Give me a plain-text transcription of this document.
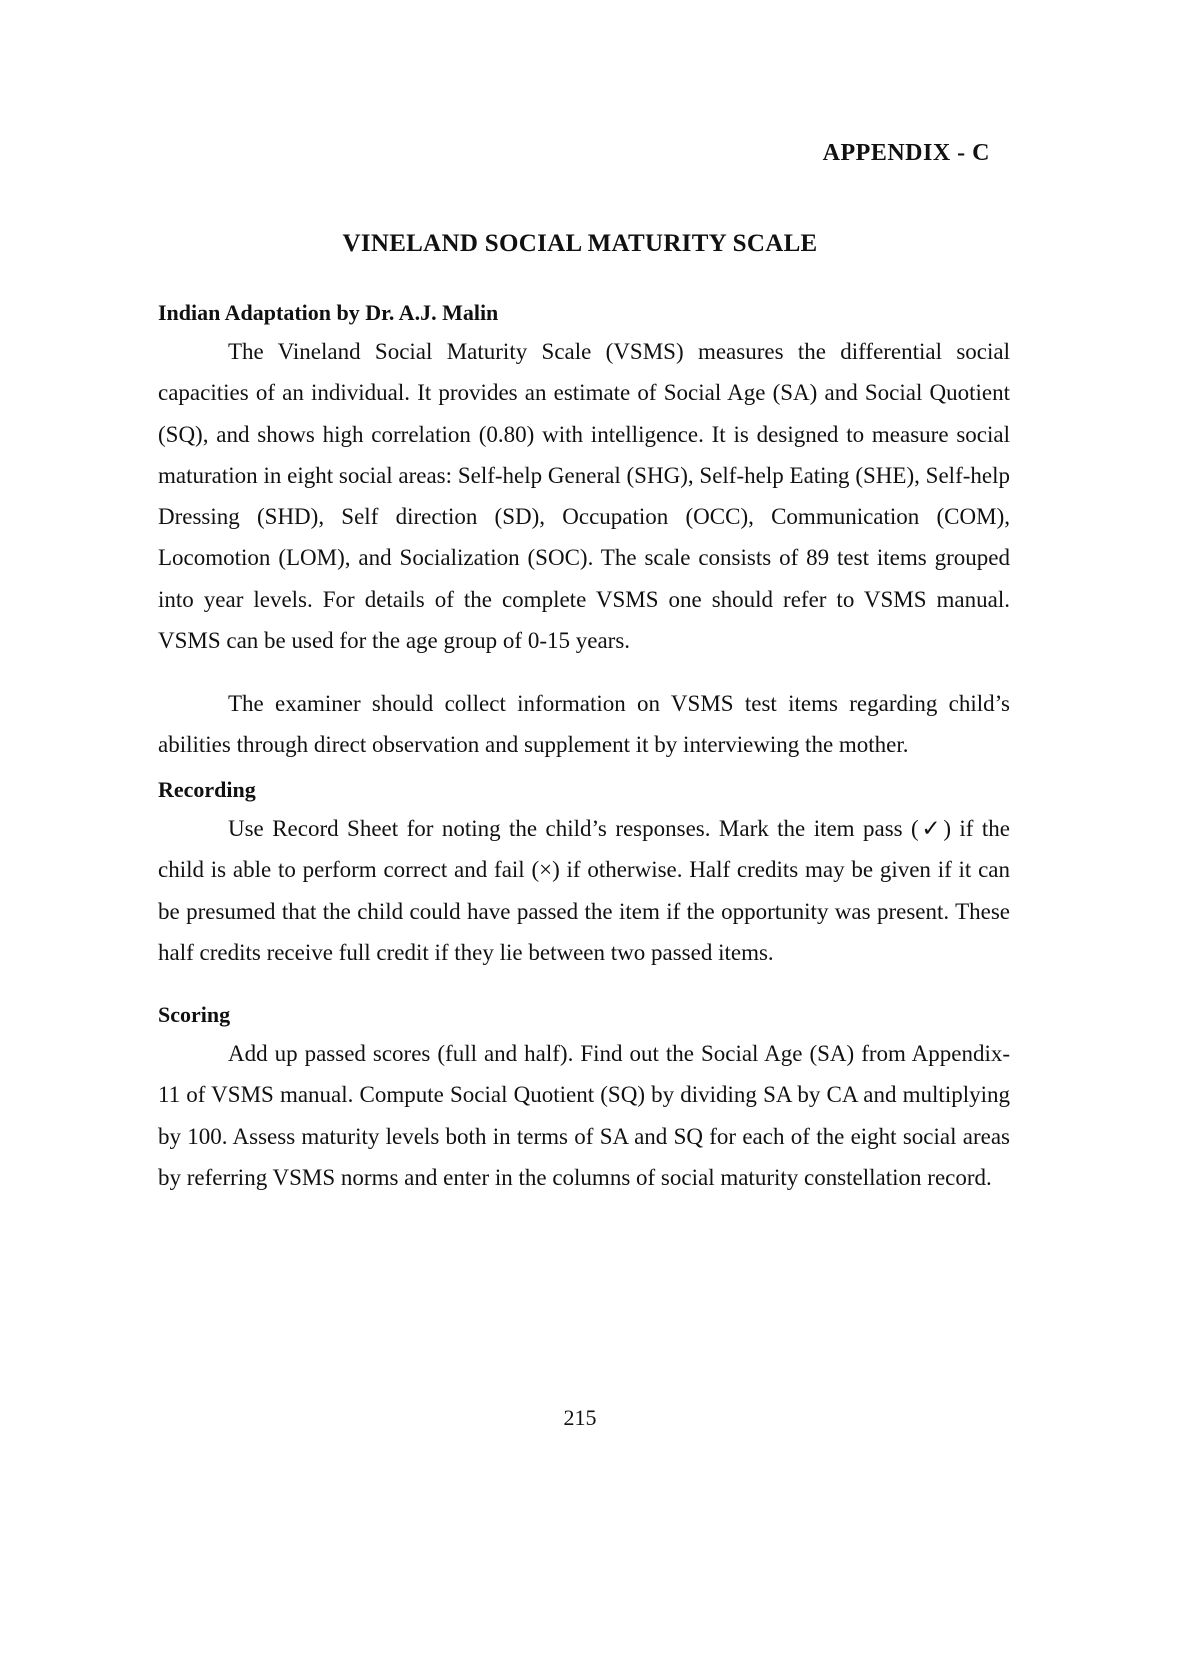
APPENDIX - C
VINELAND SOCIAL MATURITY SCALE

Indian Adaptation by Dr. A.J. Malin

The Vineland Social Maturity Scale (VSMS) measures the differential social capacities of an individual. It provides an estimate of Social Age (SA) and Social Quotient (SQ), and shows high correlation (0.80) with intelligence. It is designed to measure social maturation in eight social areas: Self-help General (SHG), Self-help Eating (SHE), Self-help Dressing (SHD), Self direction (SD), Occupation (OCC), Communication (COM), Locomotion (LOM), and Socialization (SOC). The scale consists of 89 test items grouped into year levels. For details of the complete VSMS one should refer to VSMS manual. VSMS can be used for the age group of 0-15 years.

The examiner should collect information on VSMS test items regarding child’s abilities through direct observation and supplement it by interviewing the mother.

Recording

Use Record Sheet for noting the child’s responses. Mark the item pass (✓) if the child is able to perform correct and fail (×) if otherwise. Half credits may be given if it can be presumed that the child could have passed the item if the opportunity was present. These half credits receive full credit if they lie between two passed items.

Scoring

Add up passed scores (full and half). Find out the Social Age (SA) from Appendix-11 of VSMS manual. Compute Social Quotient (SQ) by dividing SA by CA and multiplying by 100. Assess maturity levels both in terms of SA and SQ for each of the eight social areas by referring VSMS norms and enter in the columns of social maturity constellation record.

215
